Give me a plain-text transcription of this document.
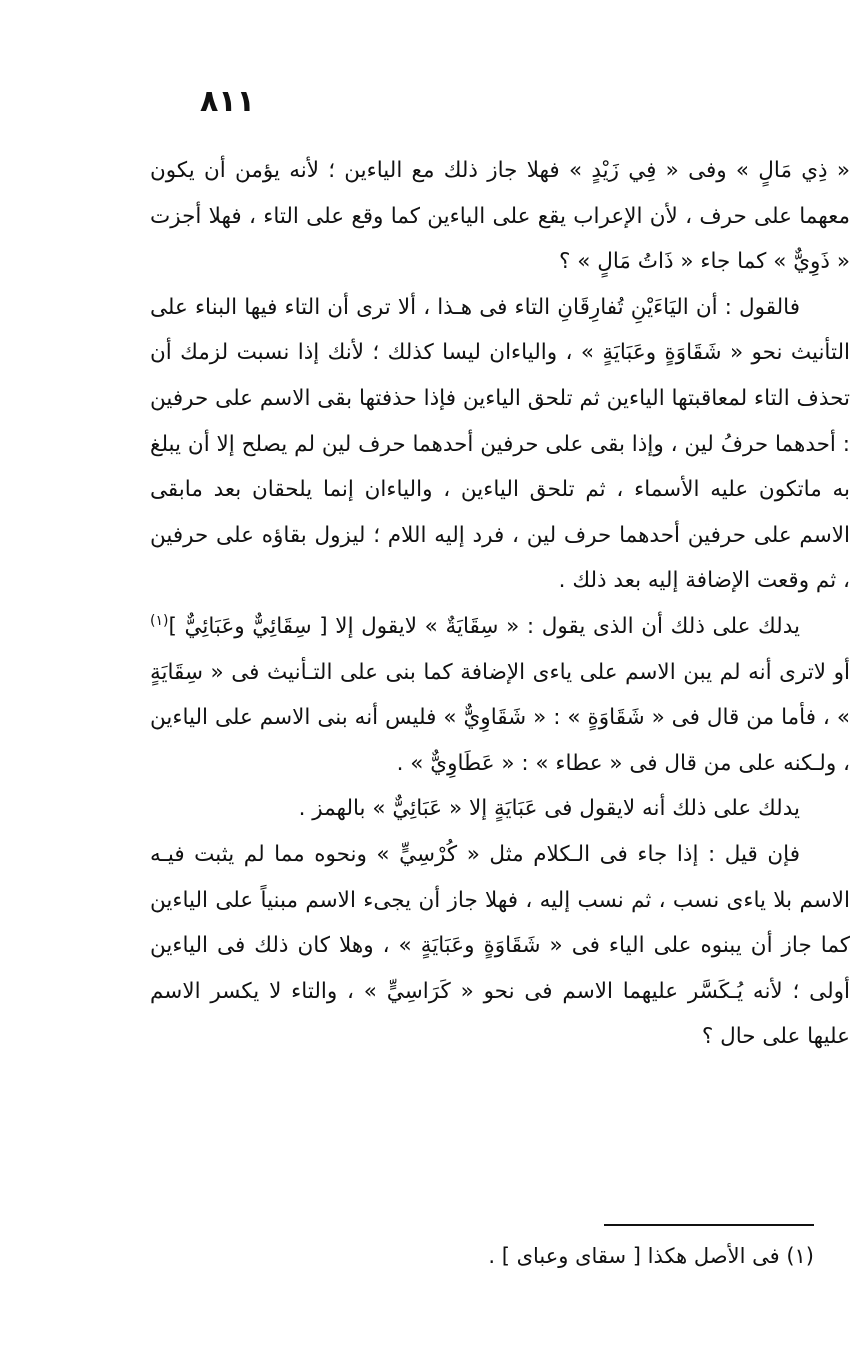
٨١١

« ذِي مَالٍ » وفى « فِي زَيْدٍ » فهلا جاز ذلك مع الياءين ؛ لأنه يؤمن أن يكون معهما على حرف ، لأن الإعراب يقع على الياءين كما وقع على التاء ، فهلا أجزت « ذَوِيٌّ » كما جاء « ذَاتُ مَالٍ » ؟

فالقول : أن اليَاءَيْنِ تُفارِقَانِ التاء فى هـذا ، ألا ترى أن التاء فيها البناء على التأنيث نحو « شَقَاوَةٍ وعَبَايَةٍ » ، والياءان ليسا كذلك ؛ لأنك إذا نسبت لزمك أن تحذف التاء لمعاقبتها الياءين ثم تلحق الياءين فإذا حذفتها بقى الاسم على حرفين : أحدهما حرفُ لين ، وإذا بقى على حرفين أحدهما حرف لين لم يصلح إلا أن يبلغ به ماتكون عليه الأسماء ، ثم تلحق الياءين ، والياءان إنما يلحقان بعد مابقى الاسم على حرفين أحدهما حرف لين ، فرد إليه اللام ؛ ليزول بقاؤه على حرفين ، ثم وقعت الإضافة إليه بعد ذلك .

يدلك على ذلك أن الذى يقول : « سِقَايَةٌ » لايقول إلا [ سِقَائِيٌّ وعَبَائِيٌّ ]$^{(١)}$ أو لاترى أنه لم يبن الاسم على ياءى الإضافة كما بنى على التـأنيث فى « سِقَايَةٍ » ، فأما من قال فى « شَقَاوَةٍ » : « شَقَاوِيٌّ » فليس أنه بنى الاسم على الياءين ، ولـكنه على من قال فى « عطاء » : « عَطَاوِيٌّ » .

يدلك على ذلك أنه لايقول فى عَبَايَةٍ إلا « عَبَائِيٌّ » بالهمز .

فإن قيل : إذا جاء فى الـكلام مثل « كُرْسِيٍّ » ونحوه مما لم يثبت فيـه الاسم بلا ياءى نسب ، ثم نسب إليه ، فهلا جاز أن يجىء الاسم مبنياً على الياءين كما جاز أن يبنوه على الياء فى « شَقَاوَةٍ وعَبَايَةٍ » ، وهلا كان ذلك فى الياءين أولى ؛ لأنه يُـكَسَّر عليهما الاسم فى نحو « كَرَاسِيٍّ » ، والتاء لا يكسر الاسم عليها على حال ؟

(١) فى الأصل هكذا [ سقاى وعباى ] .
